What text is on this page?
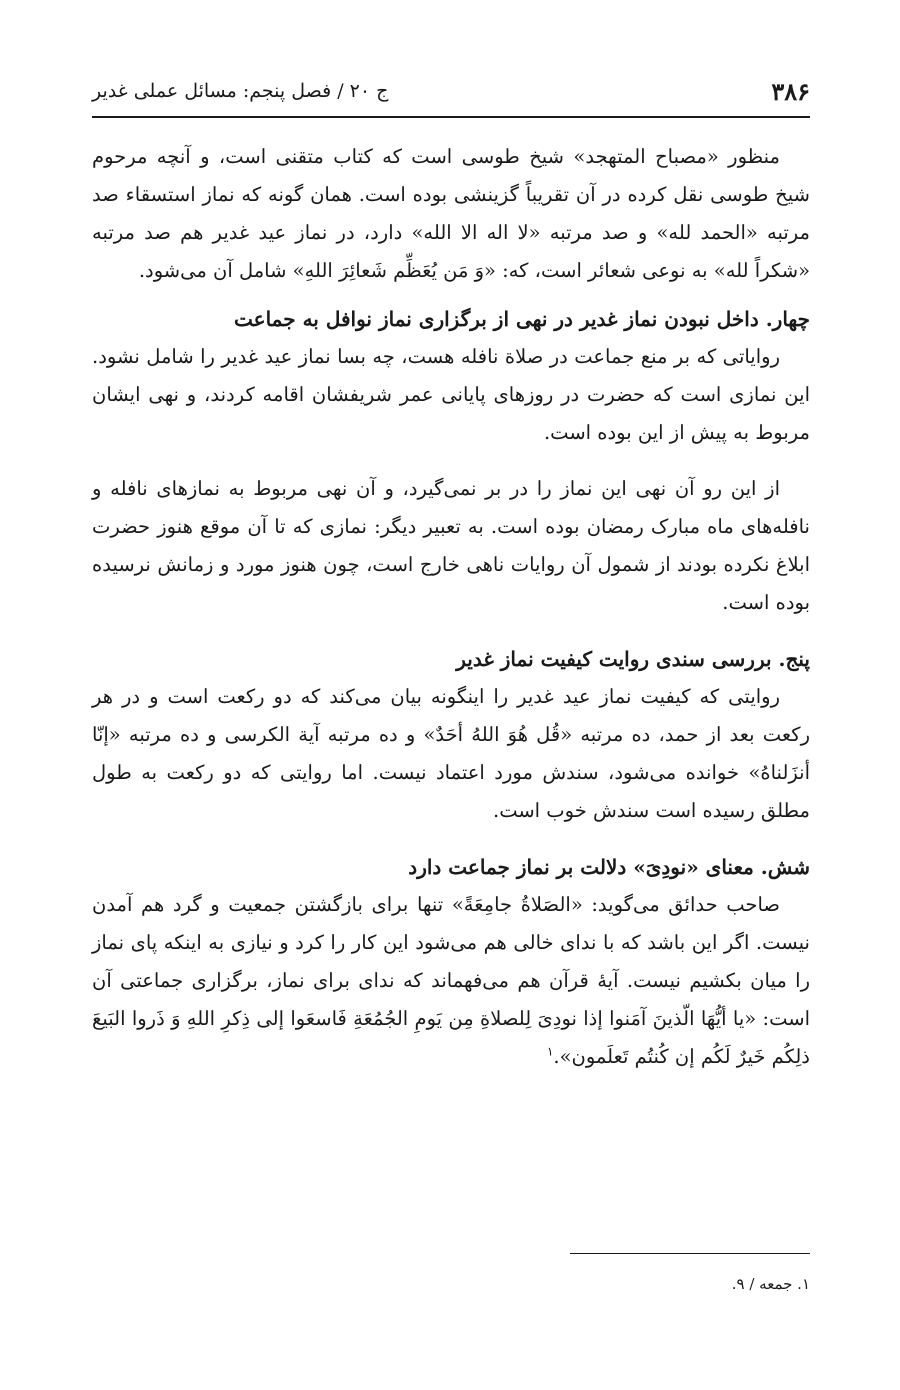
۳۸۶
ج ۲۰ / فصل پنجم: مسائل عملی غدیر

منظور «مصباح المتهجد» شیخ طوسی است که کتاب متقنی است، و آنچه مرحوم شیخ طوسی نقل کرده در آن تقریباً گزینشی بوده است. همان گونه که نماز استسقاء صد مرتبه «الحمد لله» و صد مرتبه «لا اله الا الله» دارد، در نماز عید غدیر هم صد مرتبه «شکراً لله» به نوعی شعائر است، که: «وَ مَن یُعَظِّم شَعائِرَ اللهِ» شامل آن می‌شود.

چهار. داخل نبودن نماز غدیر در نهی از برگزاری نماز نوافل به جماعت

روایاتی که بر منع جماعت در صلاة نافله هست، چه بسا نماز عید غدیر را شامل نشود. این نمازی است که حضرت در روزهای پایانی عمر شریفشان اقامه کردند، و نهی ایشان مربوط به پیش از این بوده است.

از این رو آن نهی این نماز را در بر نمی‌گیرد، و آن نهی مربوط به نمازهای نافله و نافله‌های ماه مبارک رمضان بوده است. به تعبیر دیگر: نمازی که تا آن موقع هنوز حضرت ابلاغ نکرده بودند از شمول آن روایات ناهی خارج است، چون هنوز مورد و زمانش نرسیده بوده است.

پنج. بررسی سندی روایت کیفیت نماز غدیر

روایتی که کیفیت نماز عید غدیر را اینگونه بیان می‌کند که دو رکعت است و در هر رکعت بعد از حمد، ده مرتبه «قُل هُوَ اللهُ أحَدٌ» و ده مرتبه آیة الکرسی و ده مرتبه «إنّا أنزَلناهُ» خوانده می‌شود، سندش مورد اعتماد نیست. اما روایتی که دو رکعت به طول مطلق رسیده است سندش خوب است.

شش. معنای «نودِیَ» دلالت بر نماز جماعت دارد

صاحب حدائق می‌گوید: «الصَلاةُ جامِعَةً» تنها برای بازگشتن جمعیت و گرد هم آمدن نیست. اگر این باشد که با ندای خالی هم می‌شود این کار را کرد و نیازی به اینکه پای نماز را میان بکشیم نیست. آیهٔ قرآن هم می‌فهماند که ندای برای نماز، برگزاری جماعتی آن است: «یا أیُّهَا الّذینَ آمَنوا إذا نودِیَ لِلصلاةِ مِن یَومِ الجُمُعَةِ فَاسعَوا إلی ذِکرِ اللهِ وَ ذَروا البَیعَ ذلِکُم خَیرٌ لَکُم إن کُنتُم تَعلَمون».$^۱$

۱. جمعه / ۹.
